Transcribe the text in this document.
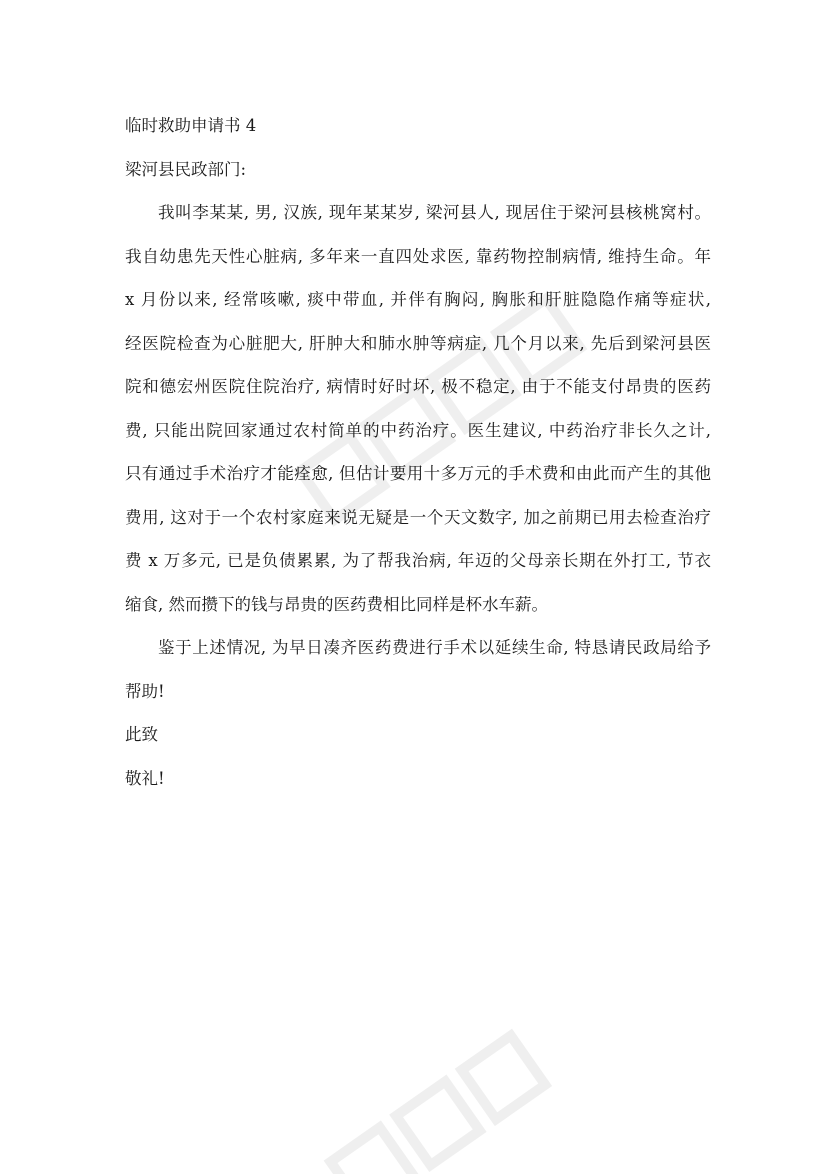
临时救助申请书 4
梁河县民政部门:
我叫李某某, 男, 汉族, 现年某某岁, 梁河县人, 现居住于梁河县核桃窝村。
我自幼患先天性心脏病, 多年来一直四处求医, 靠药物控制病情, 维持生命。年
x 月份以来, 经常咳嗽, 痰中带血, 并伴有胸闷, 胸胀和肝脏隐隐作痛等症状,
经医院检查为心脏肥大, 肝肿大和肺水肿等病症, 几个月以来, 先后到梁河县医
院和德宏州医院住院治疗, 病情时好时坏, 极不稳定, 由于不能支付昂贵的医药
费, 只能出院回家通过农村简单的中药治疗。医生建议, 中药治疗非长久之计,
只有通过手术治疗才能痊愈, 但估计要用十多万元的手术费和由此而产生的其他
费用, 这对于一个农村家庭来说无疑是一个天文数字, 加之前期已用去检查治疗
费 x 万多元, 已是负债累累, 为了帮我治病, 年迈的父母亲长期在外打工, 节衣
缩食, 然而攒下的钱与昂贵的医药费相比同样是杯水车薪。
鉴于上述情况, 为早日凑齐医药费进行手术以延续生命, 特恳请民政局给予
帮助!
此致
敬礼!
